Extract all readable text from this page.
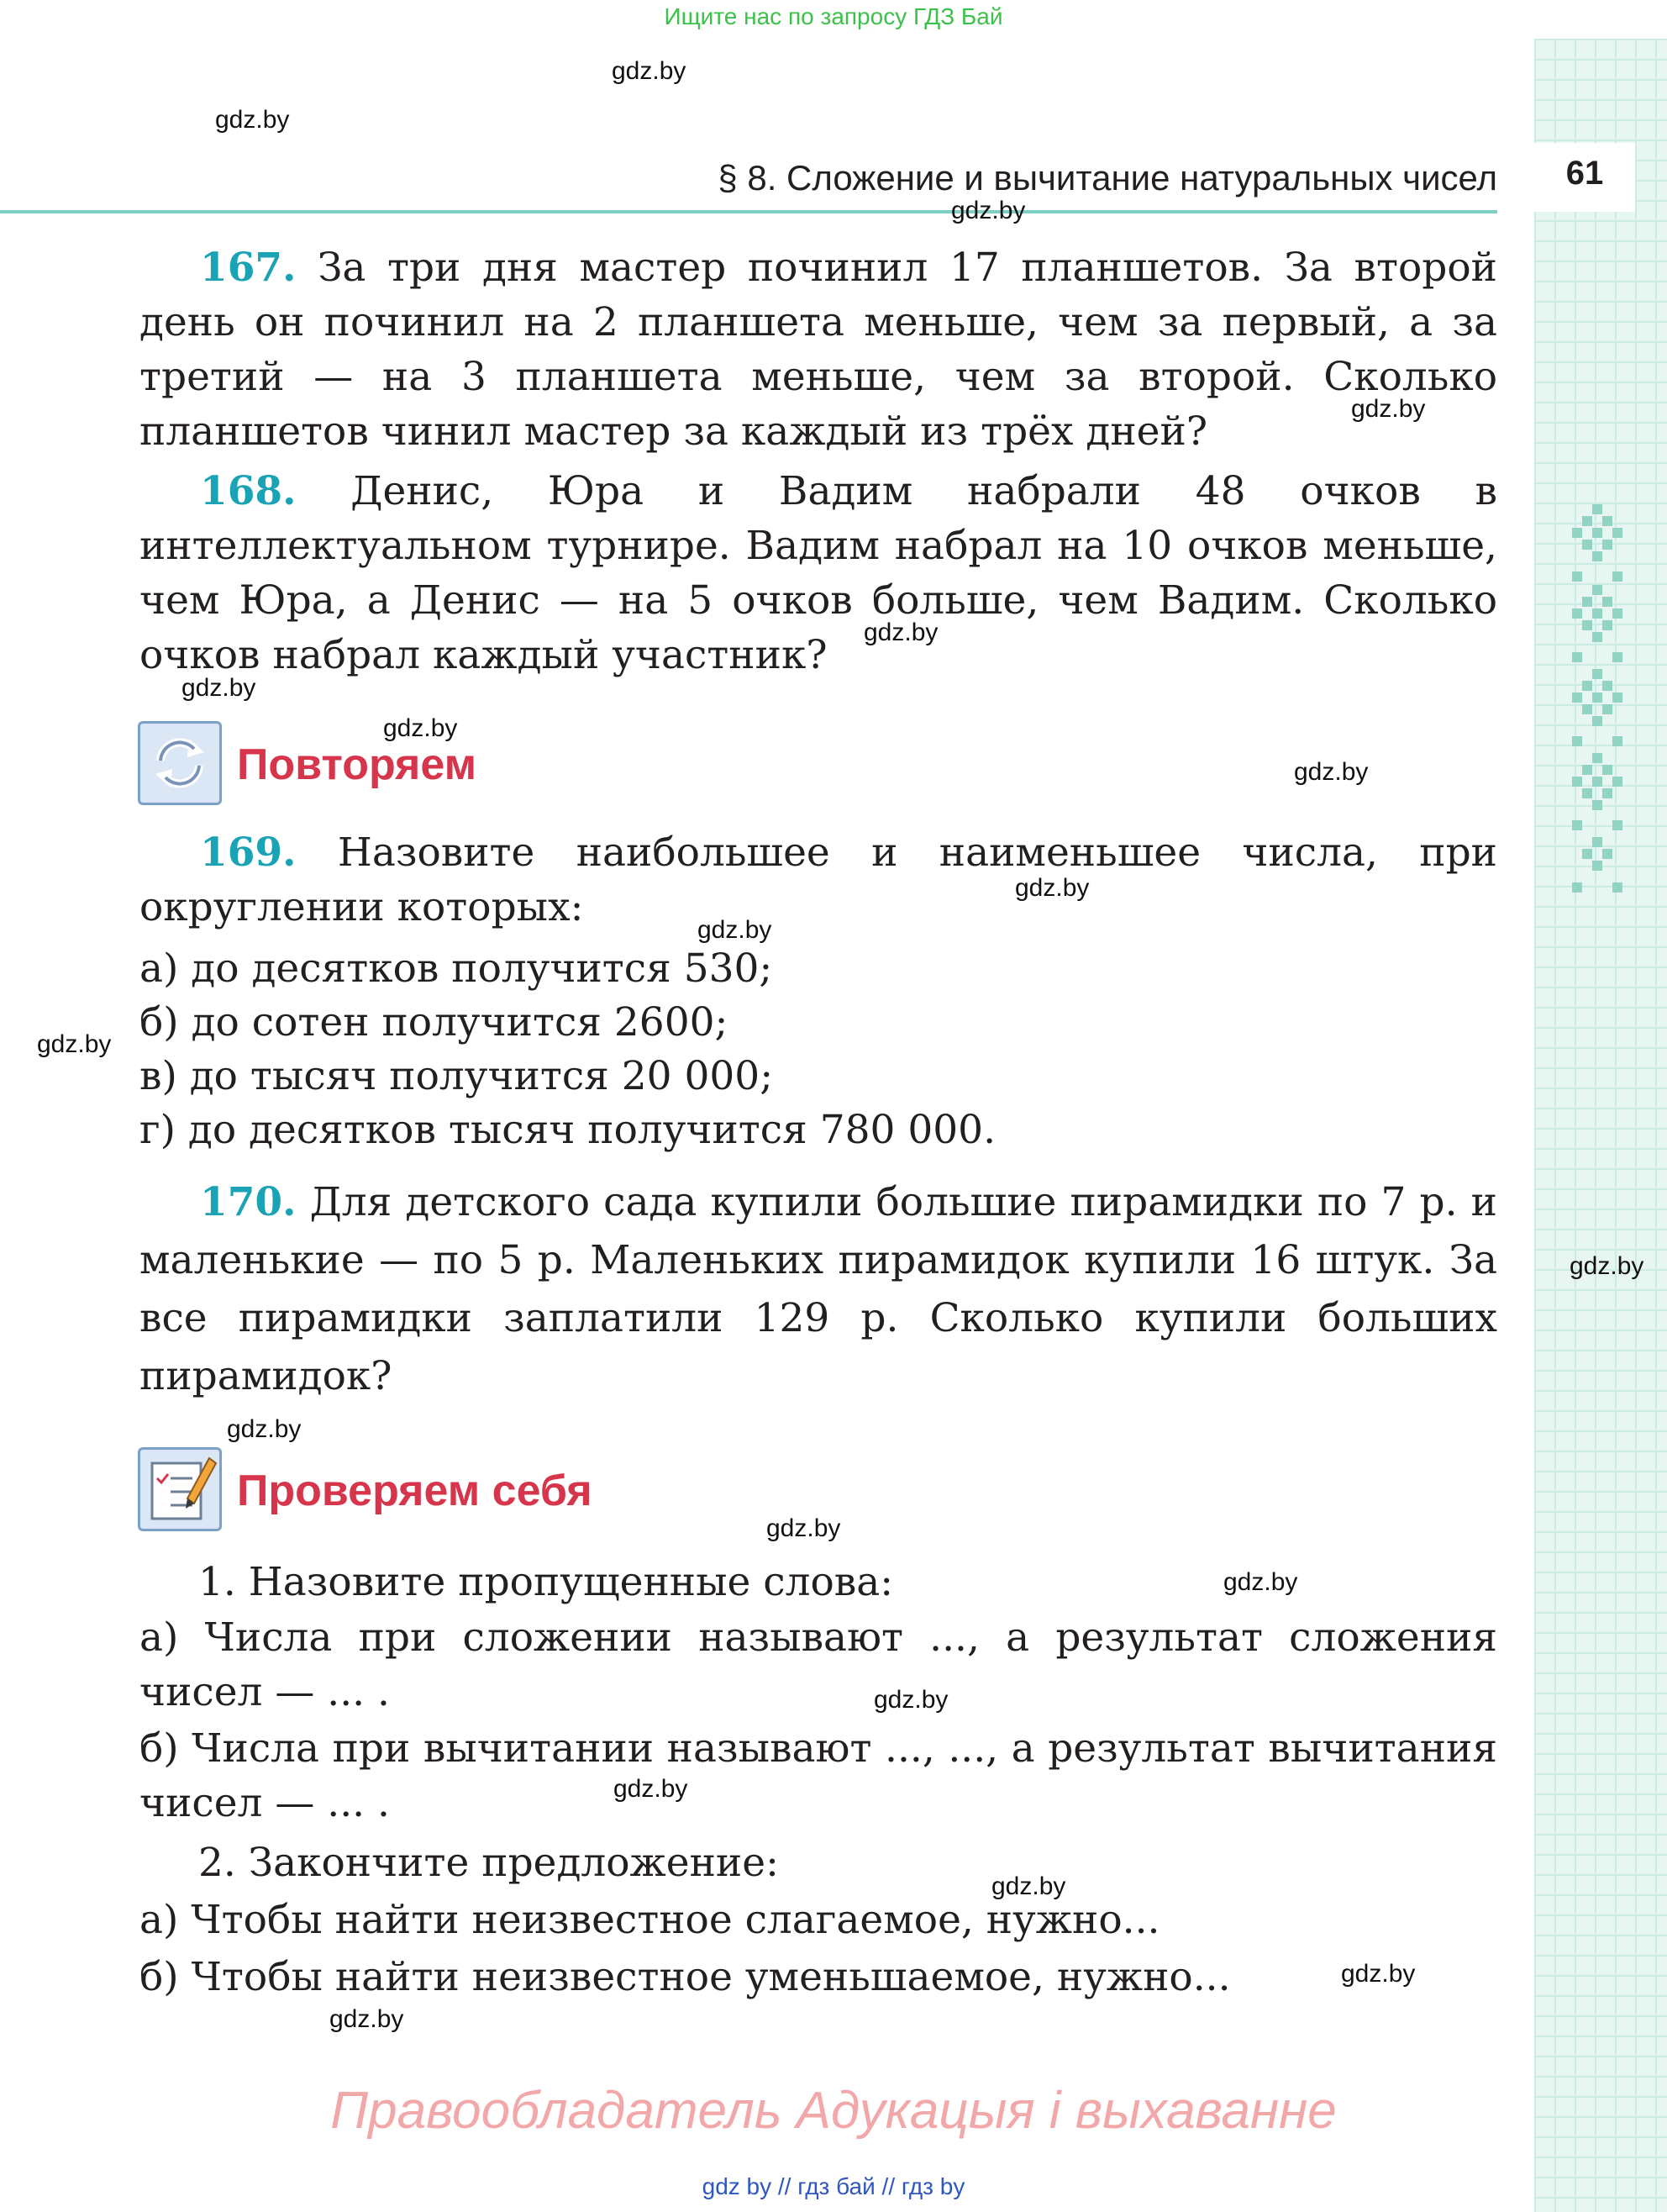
Ищите нас по запросу ГДЗ Бай
61
§ 8. Сложение и вычитание натуральных чисел
gdz.by
gdz.by
gdz.by
gdz.by
gdz.by
gdz.by
gdz.by
gdz.by
gdz.by
gdz.by
gdz.by
gdz.by
gdz.by
gdz.by
gdz.by
gdz.by
gdz.by
gdz.by
gdz.by
gdz.by
167. За три дня мастер починил 17 планшетов. За второй день он починил на 2 планшета меньше, чем за первый, а за третий — на 3 планшета меньше, чем за второй. Сколько планшетов чинил мастер за каждый из трёх дней?
168. Денис, Юра и Вадим набрали 48 очков в интеллектуальном турнире. Вадим набрал на 10 очков меньше, чем Юра, а Денис — на 5 очков больше, чем Вадим. Сколько очков набрал каждый участник?
Повторяем
169. Назовите наибольшее и наименьшее числа, при округлении которых:
а) до десятков получится 530;
б) до сотен получится 2600;
в) до тысяч получится 20 000;
г) до десятков тысяч получится 780 000.
170. Для детского сада купили большие пирамидки по 7 р. и маленькие — по 5 р. Маленьких пирамидок купили 16 штук. За все пирамидки заплатили 129 р. Сколько купили больших пирамидок?
Проверяем себя
1. Назовите пропущенные слова:
а) Числа при сложении называют ..., а результат сложения чисел — ... .
б) Числа при вычитании называют ..., ..., а результат вычитания чисел — ... .
2. Закончите предложение:
а) Чтобы найти неизвестное слагаемое, нужно...
б) Чтобы найти неизвестное уменьшаемое, нужно...
Правообладатель Адукацыя і выхаванне
gdz by // гдз бай // гдз by
